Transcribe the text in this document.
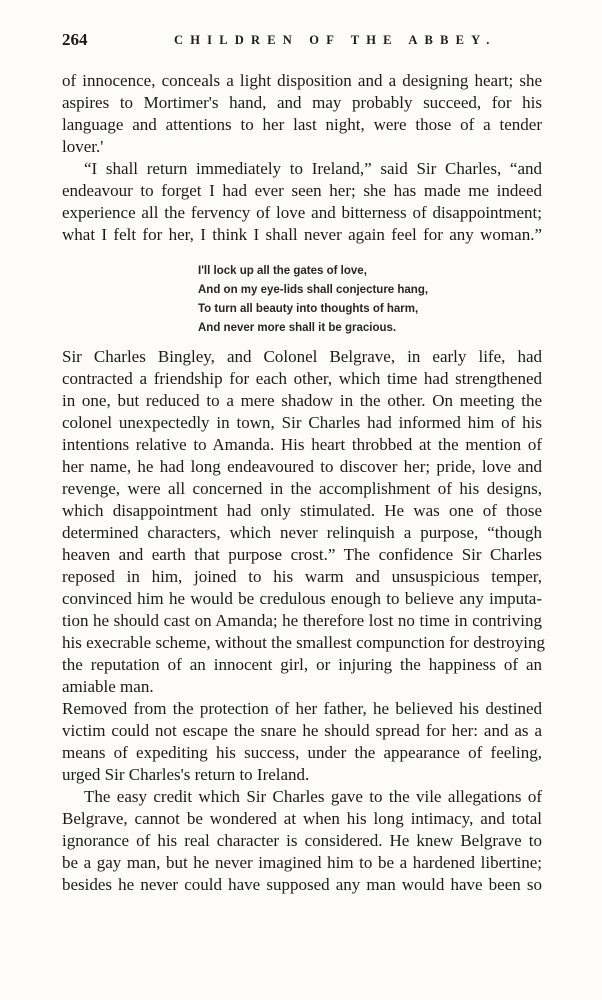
264	CHILDREN OF THE ABBEY.
of innocence, conceals a light disposition and a designing heart; she
aspires to Mortimer's hand, and may probably succeed, for his
language and attentions to her last night, were those of a tender
lover.'
“I shall return immediately to Ireland,” said Sir Charles, “and
endeavour to forget I had ever seen her; she has made me indeed
experience all the fervency of love and bitterness of disappointment;
what I felt for her, I think I shall never again feel for any woman.”
I'll lock up all the gates of love,
And on my eye-lids shall conjecture hang,
To turn all beauty into thoughts of harm,
And never more shall it be gracious.
Sir Charles Bingley, and Colonel Belgrave, in early life, had
contracted a friendship for each other, which time had strengthened
in one, but reduced to a mere shadow in the other. On meeting the
colonel unexpectedly in town, Sir Charles had informed him of his
intentions relative to Amanda. His heart throbbed at the mention of
her name, he had long endeavoured to discover her; pride, love and
revenge, were all concerned in the accomplishment of his designs,
which disappointment had only stimulated. He was one of those
determined characters, which never relinquish a purpose, “though
heaven and earth that purpose crost.” The confidence Sir Charles
reposed in him, joined to his warm and unsuspicious temper,
convinced him he would be credulous enough to believe any imputa-
tion he should cast on Amanda; he therefore lost no time in contriving
his execrable scheme, without the smallest compunction for destroying
the reputation of an innocent girl, or injuring the happiness of an
amiable man.
Removed from the protection of her father, he believed his destined
victim could not escape the snare he should spread for her: and as a
means of expediting his success, under the appearance of feeling,
urged Sir Charles's return to Ireland.
The easy credit which Sir Charles gave to the vile allegations of
Belgrave, cannot be wondered at when his long intimacy, and total
ignorance of his real character is considered. He knew Belgrave to
be a gay man, but he never imagined him to be a hardened libertine;
besides he never could have supposed any man would have been so
